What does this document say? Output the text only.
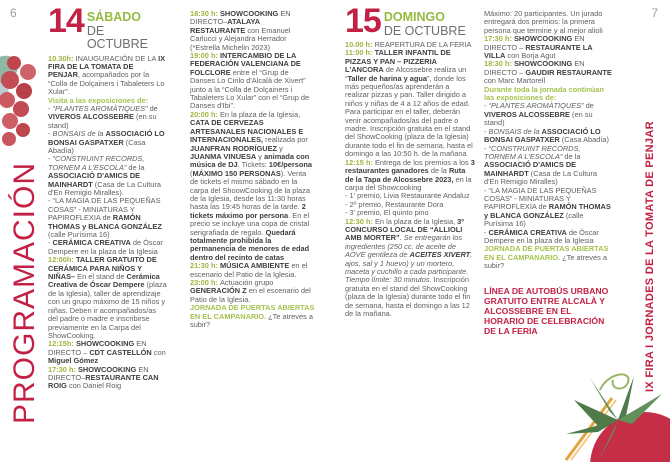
6	7
PROGRAMACIÓN	IX FIRA I JORNADES DE LA TOMATA DE PENJAR
14 SÁBADO
DE OCTUBRE

10.30h: INAUGURACIÓN DE LA IX FIRA DE LA TOMATA DE PENJAR, acompañados por la “Colla de Dolçainers i Tabaleters Lo Xular”.

Visita a las exposiciones de:

- “PLANTES AROMÀTIQUES” de VIVEROS ALCOSSEBRE (en su stand)

- BONSAIS de la ASSOCIACIÓ LO BONSAI GASPATXER (Casa Abadía)

- “CONSTRUINT RECORDS, TORNEM A L'ESCOLA” de la ASSOCIACIÓ D'AMICS DE MAINHARDT (Casa de La Cultura d'En Remigio Miralles).

- “LA MAGIA DE LAS PEQUEÑAS COSAS” - MINIATURAS Y PAPIROFLEXIA de RAMÓN THOMAS y BLANCA GONZÁLEZ (calle Purísima 16)

- CERÁMICA CREATIVA de Óscar Dempere en la plaza de la Iglesia

12:00h: TALLER GRATUITO DE CERÁMICA PARA NIÑOS Y NIÑAS– En el stand de Cerámica Creativa de Óscar Dempere (plaza de la Iglesia), taller de aprendizaje con un grupo máximo de 15 niños y niñas. Deben ir acompañados/as del padre o madre e inscribirse previamente en la Carpa del ShowCooking.

12:15h: SHOWCOOKING EN DIRECTO – CDT CASTELLÓN con Miguel Gómez

17:30 h: SHOWCOOKING EN DIRECTO–RESTAURANTE CAN ROIG con Daniel Roig

18:30 h: SHOWCOOKING EN DIRECTO–ATALAYA RESTAURANTE con Emanuel Carlucci y Alejandra Herrador (*Estrella Michelin 2023)

19:00 h: INTERCAMBIO DE LA FEDERACIÓN VALENCIANA DE FOLCLORE entre el “Grup de Danses Lo Cirilo d'Alcalà de Xivert” junto a la “Colla de Dolçainers i Tabaleters Lo Xular” con el “Grup de Danses d'Ibi”.

20:00 h: En la plaza de la Iglesia, CATA DE CERVEZAS ARTESANALES NACIONALES E INTERNACIONALES, realizada por JUANFRAN RODRÍGUEZ y JUANMA VINUESA y animada con música de DJ. Tickets: 10€/persona (MÁXIMO 150 PERSONAS). Venta de tickets el mismo sábado en la carpa del ShoowCooking de la plaza de la Iglesia, desde las 11:30 horas hasta las 19:45 horas de la tarde. 2 tickets máximo por persona. En el precio se incluye una copa de cristal serigrafiada de regalo. Quedará totalmente prohibida la permanencia de menores de edad dentro del recinto de catas

21:30 h: MÚSICA AMBIENTE en el escenario del Patio de la Iglesia.

23:00 h: Actuación grupo GENERACIÓN Z en el escenario del Patio de la Iglesia.

JORNADA DE PUERTAS ABIERTAS EN EL CAMPANARIO. ¿Te atreves a subir?

15 DOMINGO
DE OCTUBRE

10.00 h: REAPERTURA DE LA FERIA

11:00 h: TALLER INFANTIL DE PIZZAS Y PAN – PIZZERIA L'ANCORA de Alcossebre realiza un “Taller de harina y agua”, donde los más pequeños/as aprenderán a realizar pizzas y pan. Taller dirigido a niños y niñas de 4 a 12 años de edad. Para participar en el taller, deberán venir acompañados/as del padre o madre. Inscripción gratuita en el stand del ShowCooking (plaza de la Iglesia) durante todo el fin de semana, hasta el domingo a las 10:50 h. de la mañana

12:15 h: Entrega de los premios a los 3 restaurantes ganadores de la Ruta de la Tapa de Alcossebre 2023, en la carpa del Showcooking

- 1' premio, Livia Restaurante Andaluz

- 2º premio, Restaurante Dora

- 3' premio, El quinto pino

12:30 h: En la plaza de la Iglesia, 3º CONCURSO LOCAL DE “ALLIOLI AMB MORTER”. Se entregarán los ingredientes (250 cc. de aceite de AOVE gentileza de ACEITES XIVERT, ajos, sal y 1 huevo) y un mortero, maceta y cuchillo a cada participante. Tiempo límite: 30 minutos. Inscripción gratuita en el stand del ShowCooking (plaza de la Iglesia) durante todo el fin de semana, hasta el domingo a las 12 de la mañana.

Máximo: 20 participantes. Un jurado entregará dos premios: la primera persona que termine y al mejor alioli

17:30 h: SHOWCOOKING EN DIRECTO – RESTAURANTE LA VILLA con Borja Agut

18:30 h: SHOWCOOKING EN DIRECTO – GAUDIR RESTAURANTE con Marc Martorell

Durante toda la jornada continúan las exposiciones de:

- “PLANTES AROMÀTIQUES” de VIVEROS ALCOSSEBRE (en su stand)

- BONSAIS de la ASSOCIACIÓ LO BONSAI GASPATXER (Casa Abadía)

- “CONSTRUINT RECORDS, TORNEM A L'ESCOLA” de la ASSOCIACIÓ D'AMICS DE MAINHARDT (Casa de La Cultura d'En Remigio Miralles)

- “LA MAGIA DE LAS PEQUEÑAS COSAS” - MINIATURAS Y PAPIROFLEXIA de RAMÓN THOMAS y BLANCA GONZÁLEZ (calle Purísima 16)

- CERÁMICA CREATIVA de Óscar Dempere en la plaza de la Iglesia

JORNADA DE PUERTAS ABIERTAS EN EL CAMPANARIO. ¿Te atreves a subir?

LÍNEA DE AUTOBÚS URBANO GRATUITO ENTRE ALCALÀ Y ALCOSSEBRE EN EL HORARIO DE CELEBRACIÓN DE LA FERIA
